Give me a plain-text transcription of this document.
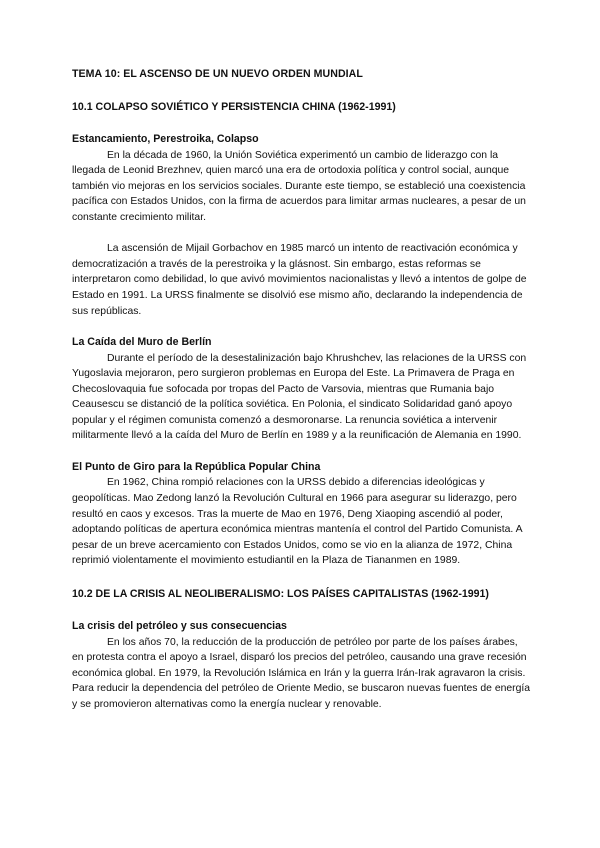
TEMA 10: EL ASCENSO DE UN NUEVO ORDEN MUNDIAL
10.1 COLAPSO SOVIÉTICO Y PERSISTENCIA CHINA (1962-1991)
Estancamiento, Perestroika, Colapso

En la década de 1960, la Unión Soviética experimentó un cambio de liderazgo con la llegada de Leonid Brezhnev, quien marcó una era de ortodoxia política y control social, aunque también vio mejoras en los servicios sociales. Durante este tiempo, se estableció una coexistencia pacífica con Estados Unidos, con la firma de acuerdos para limitar armas nucleares, a pesar de un constante crecimiento militar.

La ascensión de Mijail Gorbachov en 1985 marcó un intento de reactivación económica y democratización a través de la perestroika y la glásnost. Sin embargo, estas reformas se interpretaron como debilidad, lo que avivó movimientos nacionalistas y llevó a intentos de golpe de Estado en 1991. La URSS finalmente se disolvió ese mismo año, declarando la independencia de sus repúblicas.

La Caída del Muro de Berlín

Durante el período de la desestalinización bajo Khrushchev, las relaciones de la URSS con Yugoslavia mejoraron, pero surgieron problemas en Europa del Este. La Primavera de Praga en Checoslovaquia fue sofocada por tropas del Pacto de Varsovia, mientras que Rumania bajo Ceausescu se distanció de la política soviética. En Polonia, el sindicato Solidaridad ganó apoyo popular y el régimen comunista comenzó a desmoronarse. La renuncia soviética a intervenir militarmente llevó a la caída del Muro de Berlín en 1989 y a la reunificación de Alemania en 1990.

El Punto de Giro para la República Popular China

En 1962, China rompió relaciones con la URSS debido a diferencias ideológicas y geopolíticas. Mao Zedong lanzó la Revolución Cultural en 1966 para asegurar su liderazgo, pero resultó en caos y excesos. Tras la muerte de Mao en 1976, Deng Xiaoping ascendió al poder, adoptando políticas de apertura económica mientras mantenía el control del Partido Comunista. A pesar de un breve acercamiento con Estados Unidos, como se vio en la alianza de 1972, China reprimió violentamente el movimiento estudiantil en la Plaza de Tiananmen en 1989.

10.2 DE LA CRISIS AL NEOLIBERALISMO: LOS PAÍSES CAPITALISTAS (1962-1991)
La crisis del petróleo y sus consecuencias

En los años 70, la reducción de la producción de petróleo por parte de los países árabes, en protesta contra el apoyo a Israel, disparó los precios del petróleo, causando una grave recesión económica global. En 1979, la Revolución Islámica en Irán y la guerra Irán-Irak agravaron la crisis. Para reducir la dependencia del petróleo de Oriente Medio, se buscaron nuevas fuentes de energía y se promovieron alternativas como la energía nuclear y renovable.
